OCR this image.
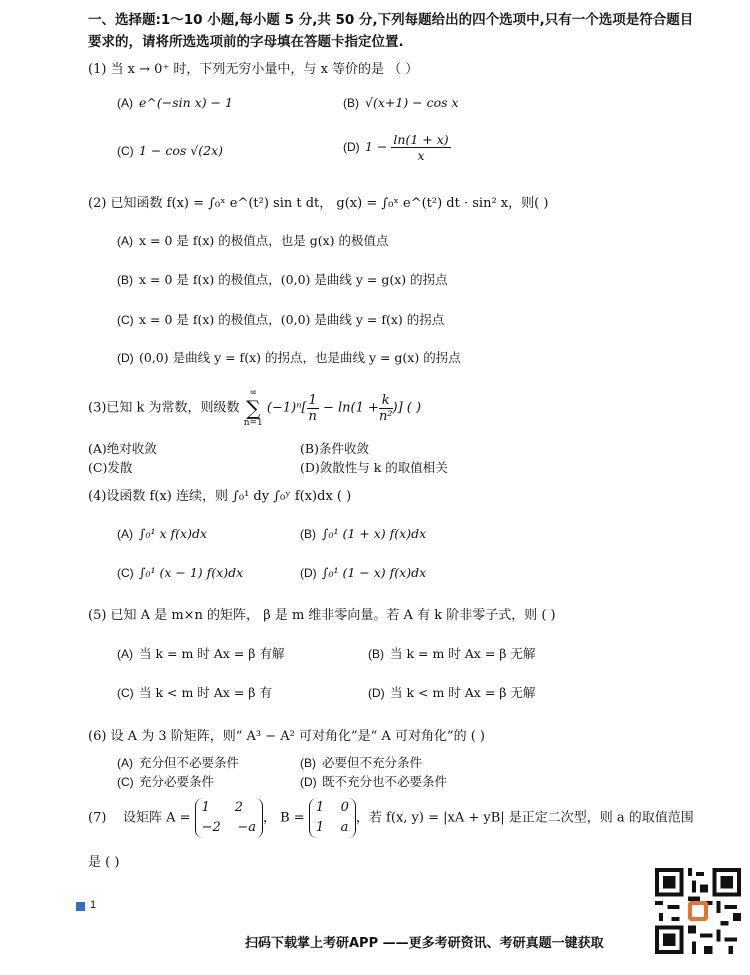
一、选择题:1～10 小题,每小题 5 分,共 50 分,下列每题给出的四个选项中,只有一个选项是符合题目
要求的，请将所选选项前的字母填在答题卡指定位置.
(1) 当 x → 0⁺ 时，下列无穷小量中，与 x 等价的是 （ ）
(A) e^(−sin x) − 1	(B) √(x+1) − cos x
(C) 1 − cos √(2x)	(D) $1 - \frac{\ln(1 + x)}{x}$
(2) 已知函数 f(x) = ∫₀ˣ e^(t²) sin t dt， g(x) = ∫₀ˣ e^(t²) dt · sin² x，则( )
(A) x = 0 是 f(x) 的极值点，也是 g(x) 的极值点
(B) x = 0 是 f(x) 的极值点，(0,0) 是曲线 y = g(x) 的拐点
(C) x = 0 是 f(x) 的极值点，(0,0) 是曲线 y = f(x) 的拐点
(D) (0,0) 是曲线 y = f(x) 的拐点，也是曲线 y = g(x) 的拐点
(3)已知 k 为常数，则级数
∞
∑
n=1
$(-1)^n[ \frac{1}{n} - \ln(1 + \frac{k}{\text{n²}}$ )] ( )
(A)绝对收敛	(B)条件收敛
(C)发散	(D)敛散性与 k 的取值相关
(4)设函数 f(x) 连续，则 ∫₀¹ dy ∫₀ʸ f(x)dx ( )
(A) ∫₀¹ x f(x)dx	(B) ∫₀¹ (1 + x) f(x)dx
(C) ∫₀¹ (x − 1) f(x)dx	(D) ∫₀¹ (1 − x) f(x)dx
(5) 已知 A 是 m×n 的矩阵， β 是 m 维非零向量。若 A 有 k 阶非零子式，则 ( )
(A) 当 k = m 时 Ax = β 有解	(B) 当 k = m 时 Ax = β 无解
(C) 当 k < m 时 Ax = β 有	(D) 当 k < m 时 Ax = β 无解
(6) 设 A 为 3 阶矩阵，则“ A³ − A² 可对角化”是“ A 可对角化”的 ( )
(A) 充分但不必要条件	(B) 必要但不充分条件
(C) 充分必要条件	(D) 既不充分也不必要条件
(7) 设矩阵 A =
1      2
−2    −a
， B =
1    0
1    a
，若 f(x, y) = |xA + yB| 是正定二次型，则 a 的取值范围
是 ( )
1
扫码下载掌上考研APP ——更多考研资讯、考研真题一键获取
